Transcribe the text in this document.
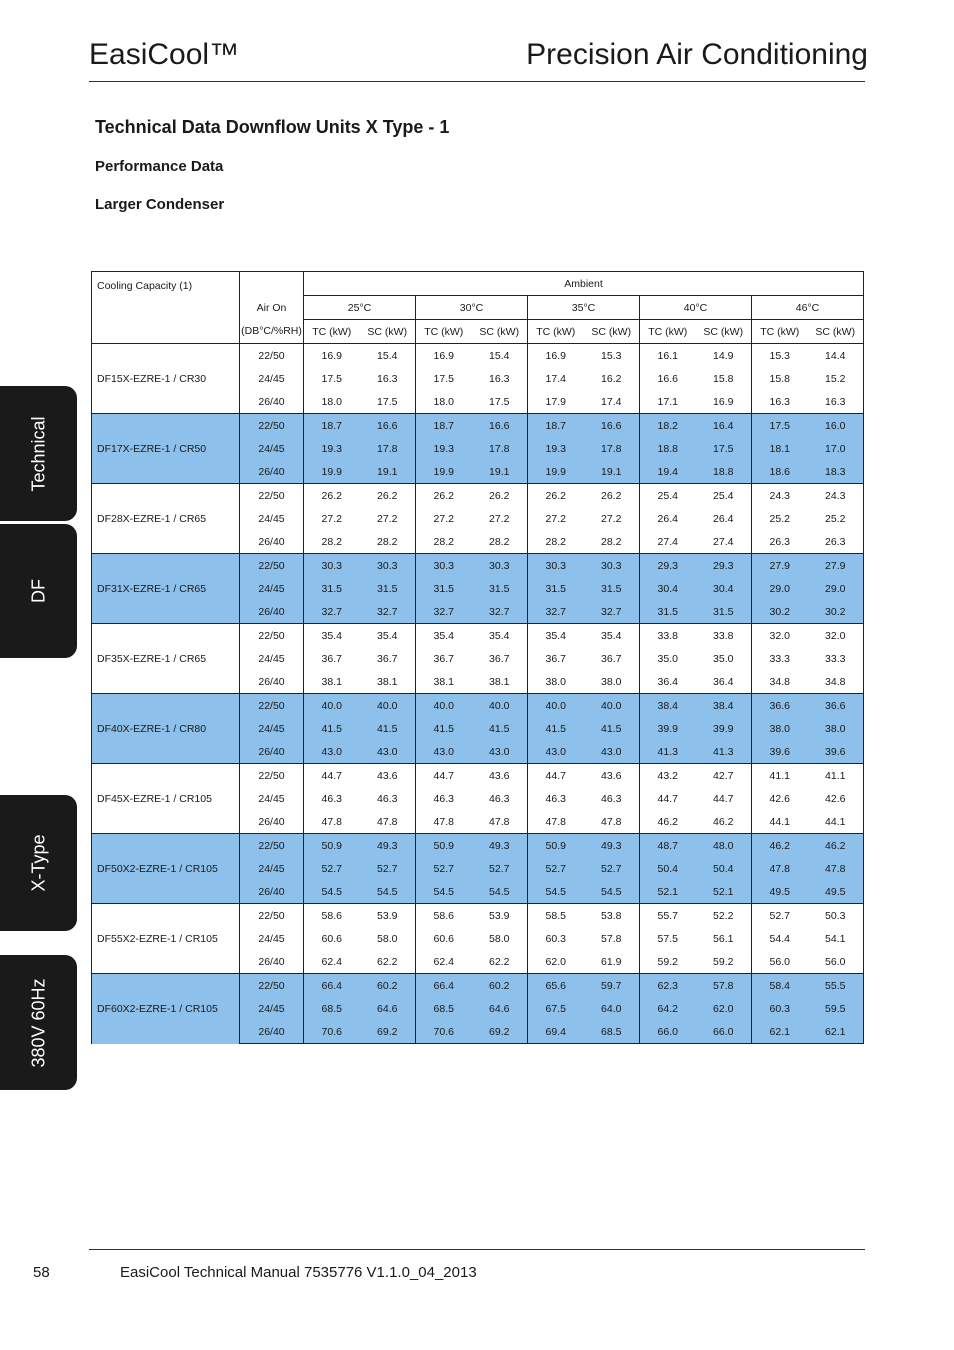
EasiCool™	Precision Air Conditioning
Technical Data Downflow Units X Type - 1
Performance Data
Larger Condenser
Technical
DF
X-Type
380V 60Hz
Cooling Capacity (1)		Ambient									
	Air On	25°C		30°C		35°C		40°C		46°C	
	(DB°C/%RH)	TC (kW)	SC (kW)	TC (kW)	SC (kW)	TC (kW)	SC (kW)	TC (kW)	SC (kW)	TC (kW)	SC (kW)
DF15X-EZRE-1 / CR30	22/50	16.9	15.4	16.9	15.4	16.9	15.3	16.1	14.9	15.3	14.4
	24/45	17.5	16.3	17.5	16.3	17.4	16.2	16.6	15.8	15.8	15.2
	26/40	18.0	17.5	18.0	17.5	17.9	17.4	17.1	16.9	16.3	16.3
DF17X-EZRE-1 / CR50	22/50	18.7	16.6	18.7	16.6	18.7	16.6	18.2	16.4	17.5	16.0
	24/45	19.3	17.8	19.3	17.8	19.3	17.8	18.8	17.5	18.1	17.0
	26/40	19.9	19.1	19.9	19.1	19.9	19.1	19.4	18.8	18.6	18.3
DF28X-EZRE-1 / CR65	22/50	26.2	26.2	26.2	26.2	26.2	26.2	25.4	25.4	24.3	24.3
	24/45	27.2	27.2	27.2	27.2	27.2	27.2	26.4	26.4	25.2	25.2
	26/40	28.2	28.2	28.2	28.2	28.2	28.2	27.4	27.4	26.3	26.3
DF31X-EZRE-1 / CR65	22/50	30.3	30.3	30.3	30.3	30.3	30.3	29.3	29.3	27.9	27.9
	24/45	31.5	31.5	31.5	31.5	31.5	31.5	30.4	30.4	29.0	29.0
	26/40	32.7	32.7	32.7	32.7	32.7	32.7	31.5	31.5	30.2	30.2
DF35X-EZRE-1 / CR65	22/50	35.4	35.4	35.4	35.4	35.4	35.4	33.8	33.8	32.0	32.0
	24/45	36.7	36.7	36.7	36.7	36.7	36.7	35.0	35.0	33.3	33.3
	26/40	38.1	38.1	38.1	38.1	38.0	38.0	36.4	36.4	34.8	34.8
DF40X-EZRE-1 / CR80	22/50	40.0	40.0	40.0	40.0	40.0	40.0	38.4	38.4	36.6	36.6
	24/45	41.5	41.5	41.5	41.5	41.5	41.5	39.9	39.9	38.0	38.0
	26/40	43.0	43.0	43.0	43.0	43.0	43.0	41.3	41.3	39.6	39.6
DF45X-EZRE-1 / CR105	22/50	44.7	43.6	44.7	43.6	44.7	43.6	43.2	42.7	41.1	41.1
	24/45	46.3	46.3	46.3	46.3	46.3	46.3	44.7	44.7	42.6	42.6
	26/40	47.8	47.8	47.8	47.8	47.8	47.8	46.2	46.2	44.1	44.1
DF50X2-EZRE-1 / CR105	22/50	50.9	49.3	50.9	49.3	50.9	49.3	48.7	48.0	46.2	46.2
	24/45	52.7	52.7	52.7	52.7	52.7	52.7	50.4	50.4	47.8	47.8
	26/40	54.5	54.5	54.5	54.5	54.5	54.5	52.1	52.1	49.5	49.5
DF55X2-EZRE-1 / CR105	22/50	58.6	53.9	58.6	53.9	58.5	53.8	55.7	52.2	52.7	50.3
	24/45	60.6	58.0	60.6	58.0	60.3	57.8	57.5	56.1	54.4	54.1
	26/40	62.4	62.2	62.4	62.2	62.0	61.9	59.2	59.2	56.0	56.0
DF60X2-EZRE-1 / CR105	22/50	66.4	60.2	66.4	60.2	65.6	59.7	62.3	57.8	58.4	55.5
	24/45	68.5	64.6	68.5	64.6	67.5	64.0	64.2	62.0	60.3	59.5
	26/40	70.6	69.2	70.6	69.2	69.4	68.5	66.0	66.0	62.1	62.1
58	EasiCool Technical Manual 7535776 V1.1.0_04_2013
